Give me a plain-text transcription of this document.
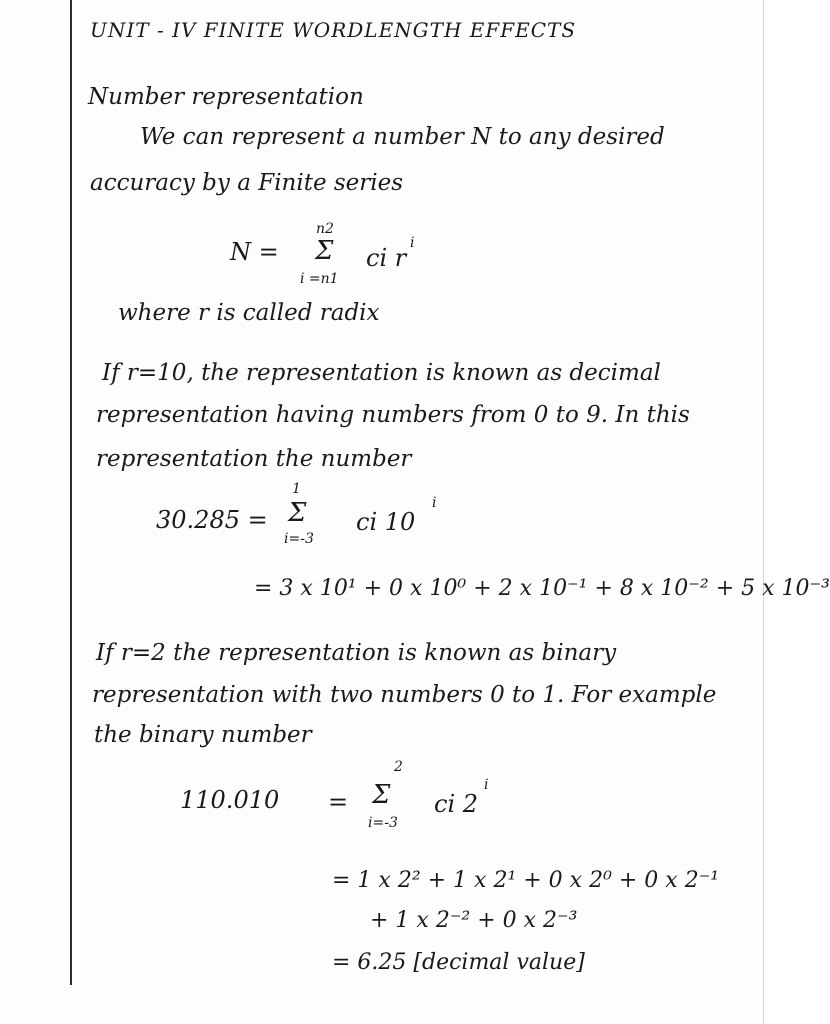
UNIT - IV FINITE WORDLENGTH EFFECTS
Number representation
We can represent a number N to any desired
accuracy by a Finite series
N =
n2
Σ
i =n1
ci r
i
where r is called radix
If r=10, the representation is known as decimal
representation having numbers from 0 to 9. In this
representation the number
30.285 =
1
Σ
i=-3
ci 10
i
= 3 x 10¹ + 0 x 10⁰ + 2 x 10⁻¹ + 8 x 10⁻² + 5 x 10⁻³
If r=2 the representation is known as binary
representation with two numbers 0 to 1. For example
the binary number
110.010 =
2
Σ
i=-3
ci 2
i
= 1 x 2² + 1 x 2¹ + 0 x 2⁰ + 0 x 2⁻¹
+ 1 x 2⁻² + 0 x 2⁻³
= 6.25 [decimal value]
